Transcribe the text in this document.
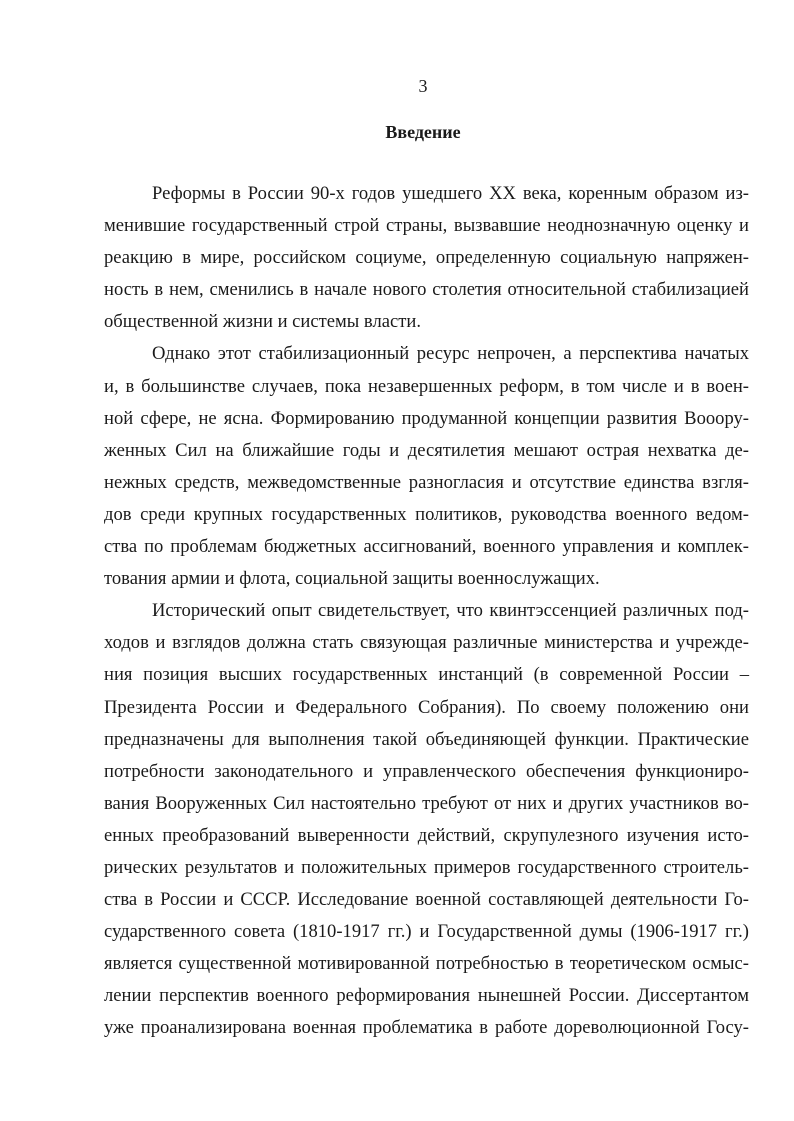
3
Введение
Реформы в России 90-х годов ушедшего XX века, коренным образом из-
менившие государственный строй страны, вызвавшие неоднозначную оценку и
реакцию в мире, российском социуме, определенную социальную напряжен-
ность в нем, сменились в начале нового столетия относительной стабилизацией
общественной жизни и системы власти.
Однако этот стабилизационный ресурс непрочен, а перспектива начатых
и, в большинстве случаев, пока незавершенных реформ, в том числе и в воен-
ной сфере, не ясна. Формированию продуманной концепции развития Вооору-
женных Сил на ближайшие годы и десятилетия мешают острая нехватка де-
нежных средств, межведомственные разногласия и отсутствие единства взгля-
дов среди крупных государственных политиков, руководства военного ведом-
ства по проблемам бюджетных ассигнований, военного управления и комплек-
тования армии и флота, социальной защиты военнослужащих.
Исторический опыт свидетельствует, что квинтэссенцией различных под-
ходов и взглядов должна стать связующая различные министерства и учрежде-
ния позиция высших государственных инстанций (в современной России –
Президента России и Федерального Собрания). По своему положению они
предназначены для выполнения такой объединяющей функции. Практические
потребности законодательного и управленческого обеспечения функциониро-
вания Вооруженных Сил настоятельно требуют от них и других участников во-
енных преобразований выверенности действий, скрупулезного изучения исто-
рических результатов и положительных примеров государственного строитель-
ства в России и СССР. Исследование военной составляющей деятельности Го-
сударственного совета (1810-1917 гг.) и Государственной думы (1906-1917 гг.)
является существенной мотивированной потребностью в теоретическом осмыс-
лении перспектив военного реформирования нынешней России. Диссертантом
уже проанализирована военная проблематика в работе дореволюционной Госу-
